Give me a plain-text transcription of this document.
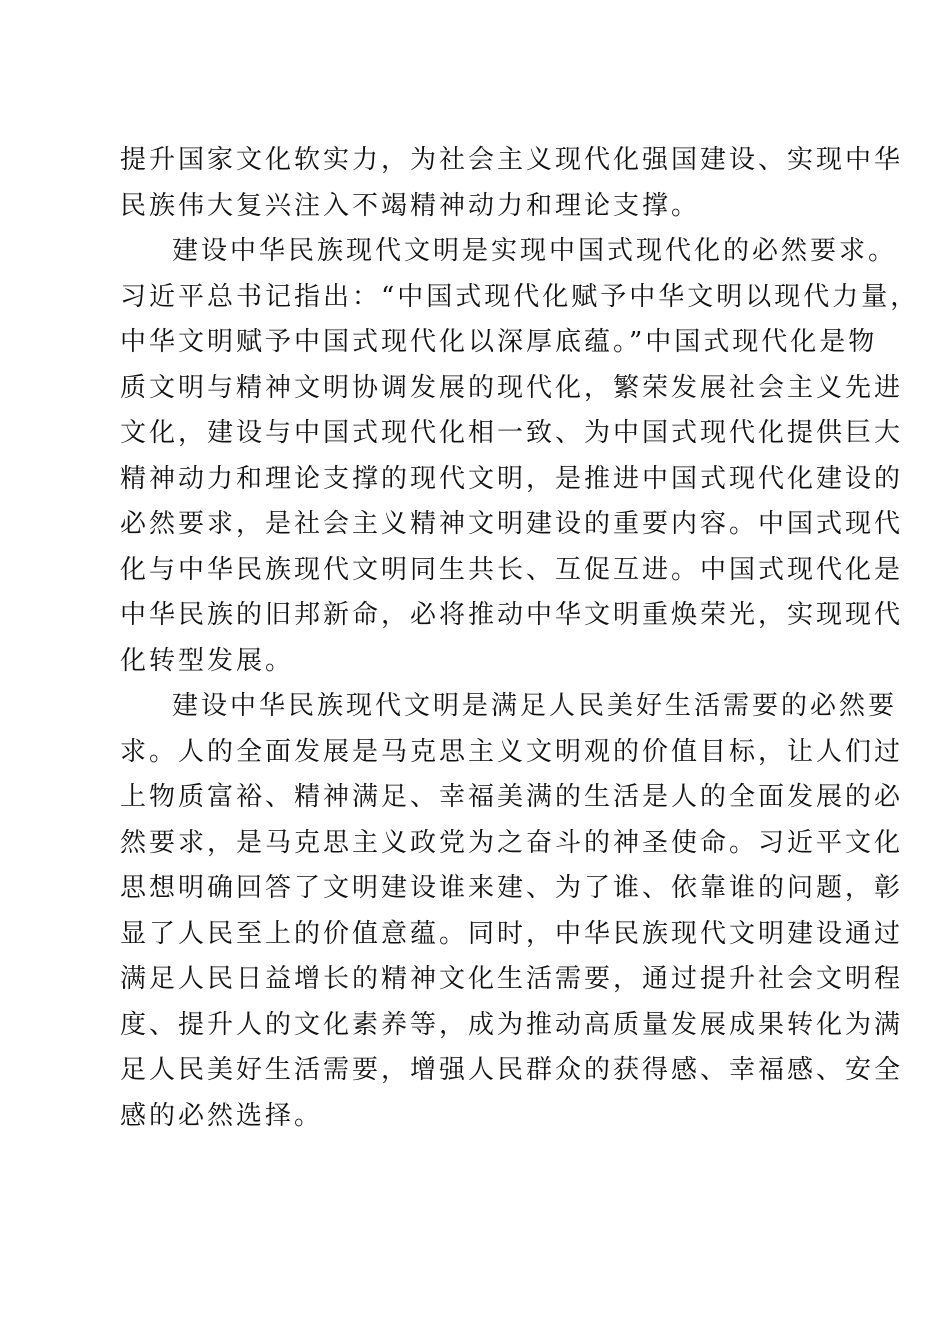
提升国家文化软实力，为社会主义现代化强国建设、实现中华
民族伟大复兴注入不竭精神动力和理论支撑。
建设中华民族现代文明是实现中国式现代化的必然要求。
习近平总书记指出：“中国式现代化赋予中华文明以现代力量，
中华文明赋予中国式现代化以深厚底蕴。”中国式现代化是物
质文明与精神文明协调发展的现代化，繁荣发展社会主义先进
文化，建设与中国式现代化相一致、为中国式现代化提供巨大
精神动力和理论支撑的现代文明，是推进中国式现代化建设的
必然要求，是社会主义精神文明建设的重要内容。中国式现代
化与中华民族现代文明同生共长、互促互进。中国式现代化是
中华民族的旧邦新命，必将推动中华文明重焕荣光，实现现代
化转型发展。
建设中华民族现代文明是满足人民美好生活需要的必然要
求。人的全面发展是马克思主义文明观的价值目标，让人们过
上物质富裕、精神满足、幸福美满的生活是人的全面发展的必
然要求，是马克思主义政党为之奋斗的神圣使命。习近平文化
思想明确回答了文明建设谁来建、为了谁、依靠谁的问题，彰
显了人民至上的价值意蕴。同时，中华民族现代文明建设通过
满足人民日益增长的精神文化生活需要，通过提升社会文明程
度、提升人的文化素养等，成为推动高质量发展成果转化为满
足人民美好生活需要，增强人民群众的获得感、幸福感、安全
感的必然选择。
